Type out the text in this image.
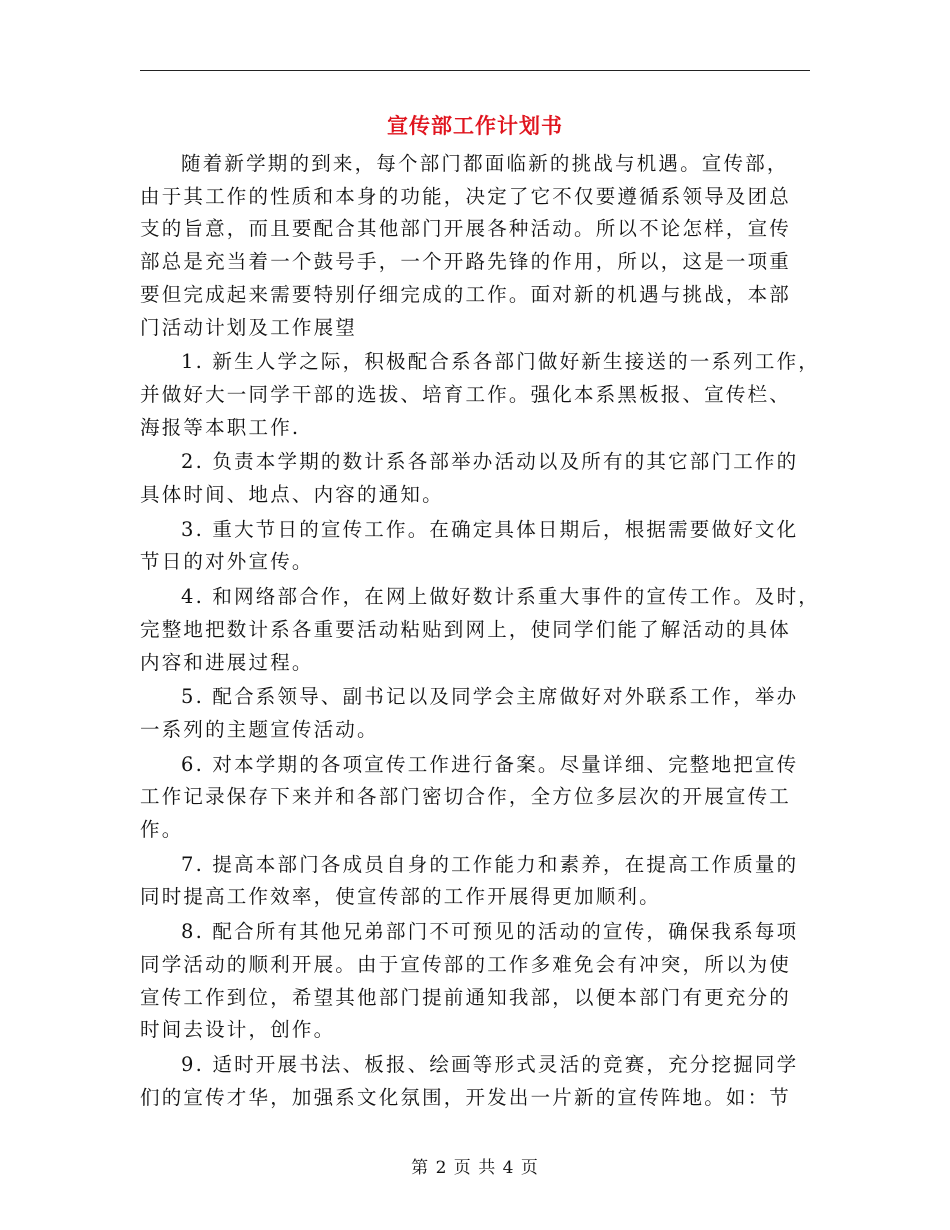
宣传部工作计划书
随着新学期的到来，每个部门都面临新的挑战与机遇。宣传部，
由于其工作的性质和本身的功能，决定了它不仅要遵循系领导及团总
支的旨意，而且要配合其他部门开展各种活动。所以不论怎样，宣传
部总是充当着一个鼓号手，一个开路先锋的作用，所以，这是一项重
要但完成起来需要特别仔细完成的工作。面对新的机遇与挑战，本部
门活动计划及工作展望
1. 新生人学之际，积极配合系各部门做好新生接送的一系列工作，
并做好大一同学干部的选拔、培育工作。强化本系黑板报、宣传栏、
海报等本职工作.
2. 负责本学期的数计系各部举办活动以及所有的其它部门工作的
具体时间、地点、内容的通知。
3. 重大节日的宣传工作。在确定具体日期后，根据需要做好文化
节日的对外宣传。
4. 和网络部合作，在网上做好数计系重大事件的宣传工作。及时，
完整地把数计系各重要活动粘贴到网上，使同学们能了解活动的具体
内容和进展过程。
5. 配合系领导、副书记以及同学会主席做好对外联系工作，举办
一系列的主题宣传活动。
6. 对本学期的各项宣传工作进行备案。尽量详细、完整地把宣传
工作记录保存下来并和各部门密切合作，全方位多层次的开展宣传工
作。
7. 提高本部门各成员自身的工作能力和素养，在提高工作质量的
同时提高工作效率，使宣传部的工作开展得更加顺利。
8. 配合所有其他兄弟部门不可预见的活动的宣传，确保我系每项
同学活动的顺利开展。由于宣传部的工作多难免会有冲突，所以为使
宣传工作到位，希望其他部门提前通知我部，以便本部门有更充分的
时间去设计，创作。
9. 适时开展书法、板报、绘画等形式灵活的竞赛，充分挖掘同学
们的宣传才华，加强系文化氛围，开发出一片新的宣传阵地。如：节
第 2 页 共 4 页
